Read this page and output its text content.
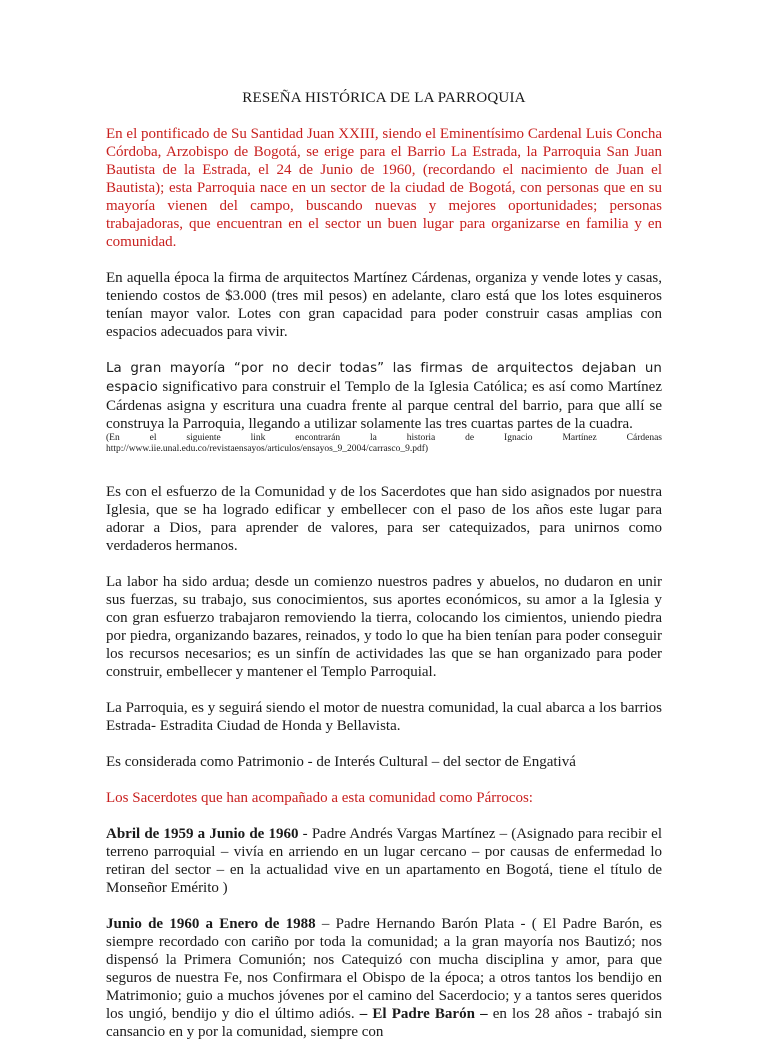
RESEÑA HISTÓRICA DE LA PARROQUIA

En el pontificado de Su Santidad Juan XXIII, siendo el Eminentísimo Cardenal Luis Concha Córdoba, Arzobispo de Bogotá, se erige para el Barrio La Estrada, la Parroquia San Juan Bautista de la Estrada, el 24 de Junio de 1960, (recordando el nacimiento de Juan el Bautista); esta Parroquia nace en un sector de la ciudad de Bogotá, con personas que en su mayoría vienen del campo, buscando nuevas y mejores oportunidades; personas trabajadoras, que encuentran en el sector un buen lugar para organizarse en familia y en comunidad.

En aquella época la firma de arquitectos Martínez Cárdenas, organiza y vende lotes y casas, teniendo costos de $3.000 (tres mil pesos) en adelante, claro está que los lotes esquineros tenían mayor valor. Lotes con gran capacidad para poder construir casas amplias con espacios adecuados para vivir.

La gran mayoría “por no decir todas” las firmas de arquitectos dejaban un espacio significativo para construir el Templo de la Iglesia Católica; es así como Martínez Cárdenas asigna y escritura una cuadra frente al parque central del barrio, para que allí se construya la Parroquia, llegando a utilizar solamente las tres cuartas partes de la cuadra.

(En el siguiente link encontrarán la historia de Ignacio Martínez Cárdenas http://www.iie.unal.edu.co/revistaensayos/articulos/ensayos_9_2004/carrasco_9.pdf)

Es con el esfuerzo de la Comunidad y de los Sacerdotes que han sido asignados por nuestra Iglesia, que se ha logrado edificar y embellecer con el paso de los años este lugar para adorar a Dios, para aprender de valores, para ser catequizados, para unirnos como verdaderos hermanos.

La labor ha sido ardua; desde un comienzo nuestros padres y abuelos, no dudaron en unir sus fuerzas, su trabajo, sus conocimientos, sus aportes económicos, su amor a la Iglesia y con gran esfuerzo trabajaron removiendo la tierra, colocando los cimientos, uniendo piedra por piedra, organizando bazares, reinados, y todo lo que ha bien tenían para poder conseguir los recursos necesarios; es un sinfín de actividades las que se han organizado para poder construir, embellecer y mantener el Templo Parroquial.

La Parroquia, es y seguirá siendo el motor de nuestra comunidad, la cual abarca a los barrios Estrada- Estradita Ciudad de Honda y Bellavista.

Es considerada como Patrimonio - de Interés Cultural – del sector de Engativá

Los Sacerdotes que han acompañado a esta comunidad como Párrocos:

Abril de 1959 a Junio de 1960 - Padre Andrés Vargas Martínez – (Asignado para recibir el terreno parroquial – vivía en arriendo en un lugar cercano – por causas de enfermedad lo retiran del sector – en la actualidad vive en un apartamento en Bogotá, tiene el título de Monseñor Emérito )

Junio de 1960 a Enero de 1988 – Padre Hernando Barón Plata - ( El Padre Barón, es siempre recordado con cariño por toda la comunidad; a la gran mayoría nos Bautizó; nos dispensó la Primera Comunión; nos Catequizó con mucha disciplina y amor, para que seguros de nuestra Fe, nos Confirmara el Obispo de la época; a otros tantos los bendijo en Matrimonio; guio a muchos jóvenes por el camino del Sacerdocio; y a tantos seres queridos los ungió, bendijo y dio el último adiós. – El Padre Barón – en los 28 años - trabajó sin cansancio en y por la comunidad, siempre con
